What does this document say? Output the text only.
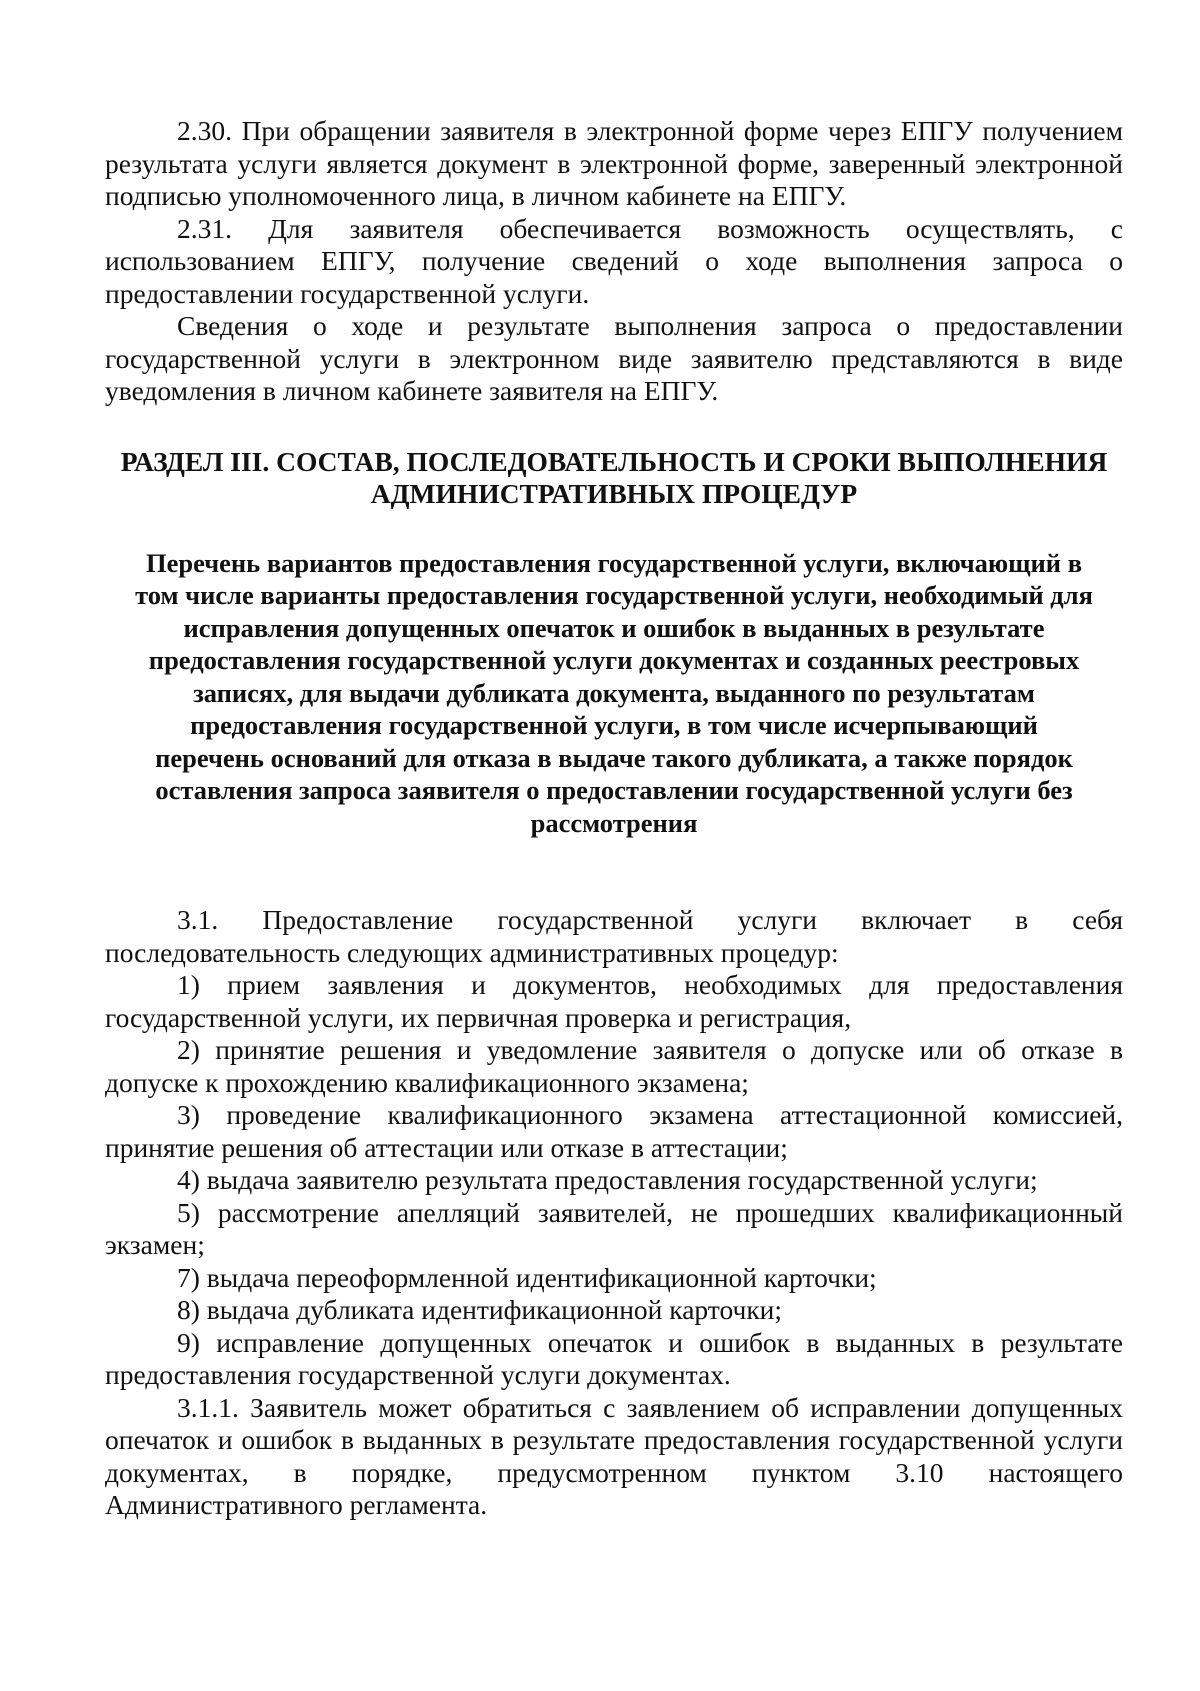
2.30. При обращении заявителя в электронной форме через ЕПГУ получением результата услуги является документ в электронной форме, заверенный электронной подписью уполномоченного лица, в личном кабинете на ЕПГУ.

2.31. Для заявителя обеспечивается возможность осуществлять, с использованием ЕПГУ, получение сведений о ходе выполнения запроса о предоставлении государственной услуги.

Сведения о ходе и результате выполнения запроса о предоставлении государственной услуги в электронном виде заявителю представляются в виде уведомления в личном кабинете заявителя на ЕПГУ.

РАЗДЕЛ III. СОСТАВ, ПОСЛЕДОВАТЕЛЬНОСТЬ И СРОКИ ВЫПОЛНЕНИЯ
АДМИНИСТРАТИВНЫХ ПРОЦЕДУР
Перечень вариантов предоставления государственной услуги, включающий в
том числе варианты предоставления государственной услуги, необходимый для
исправления допущенных опечаток и ошибок в выданных в результате
предоставления государственной услуги документах и созданных реестровых
записях, для выдачи дубликата документа, выданного по результатам
предоставления государственной услуги, в том числе исчерпывающий
перечень оснований для отказа в выдаче такого дубликата, а также порядок
оставления запроса заявителя о предоставлении государственной услуги без
рассмотрения

3.1. Предоставление государственной услуги включает в себя последовательность следующих административных процедур:

1) прием заявления и документов, необходимых для предоставления государственной услуги, их первичная проверка и регистрация,

2) принятие решения и уведомление заявителя о допуске или об отказе в допуске к прохождению квалификационного экзамена;

3) проведение квалификационного экзамена аттестационной комиссией, принятие решения об аттестации или отказе в аттестации;

4) выдача заявителю результата предоставления государственной услуги;

5) рассмотрение апелляций заявителей, не прошедших квалификационный экзамен;

7) выдача переоформленной идентификационной карточки;

8) выдача дубликата идентификационной карточки;

9) исправление допущенных опечаток и ошибок в выданных в результате предоставления государственной услуги документах.

3.1.1. Заявитель может обратиться с заявлением об исправлении допущенных опечаток и ошибок в выданных в результате предоставления государственной услуги документах, в порядке, предусмотренном пунктом 3.10 настоящего Административного регламента.
